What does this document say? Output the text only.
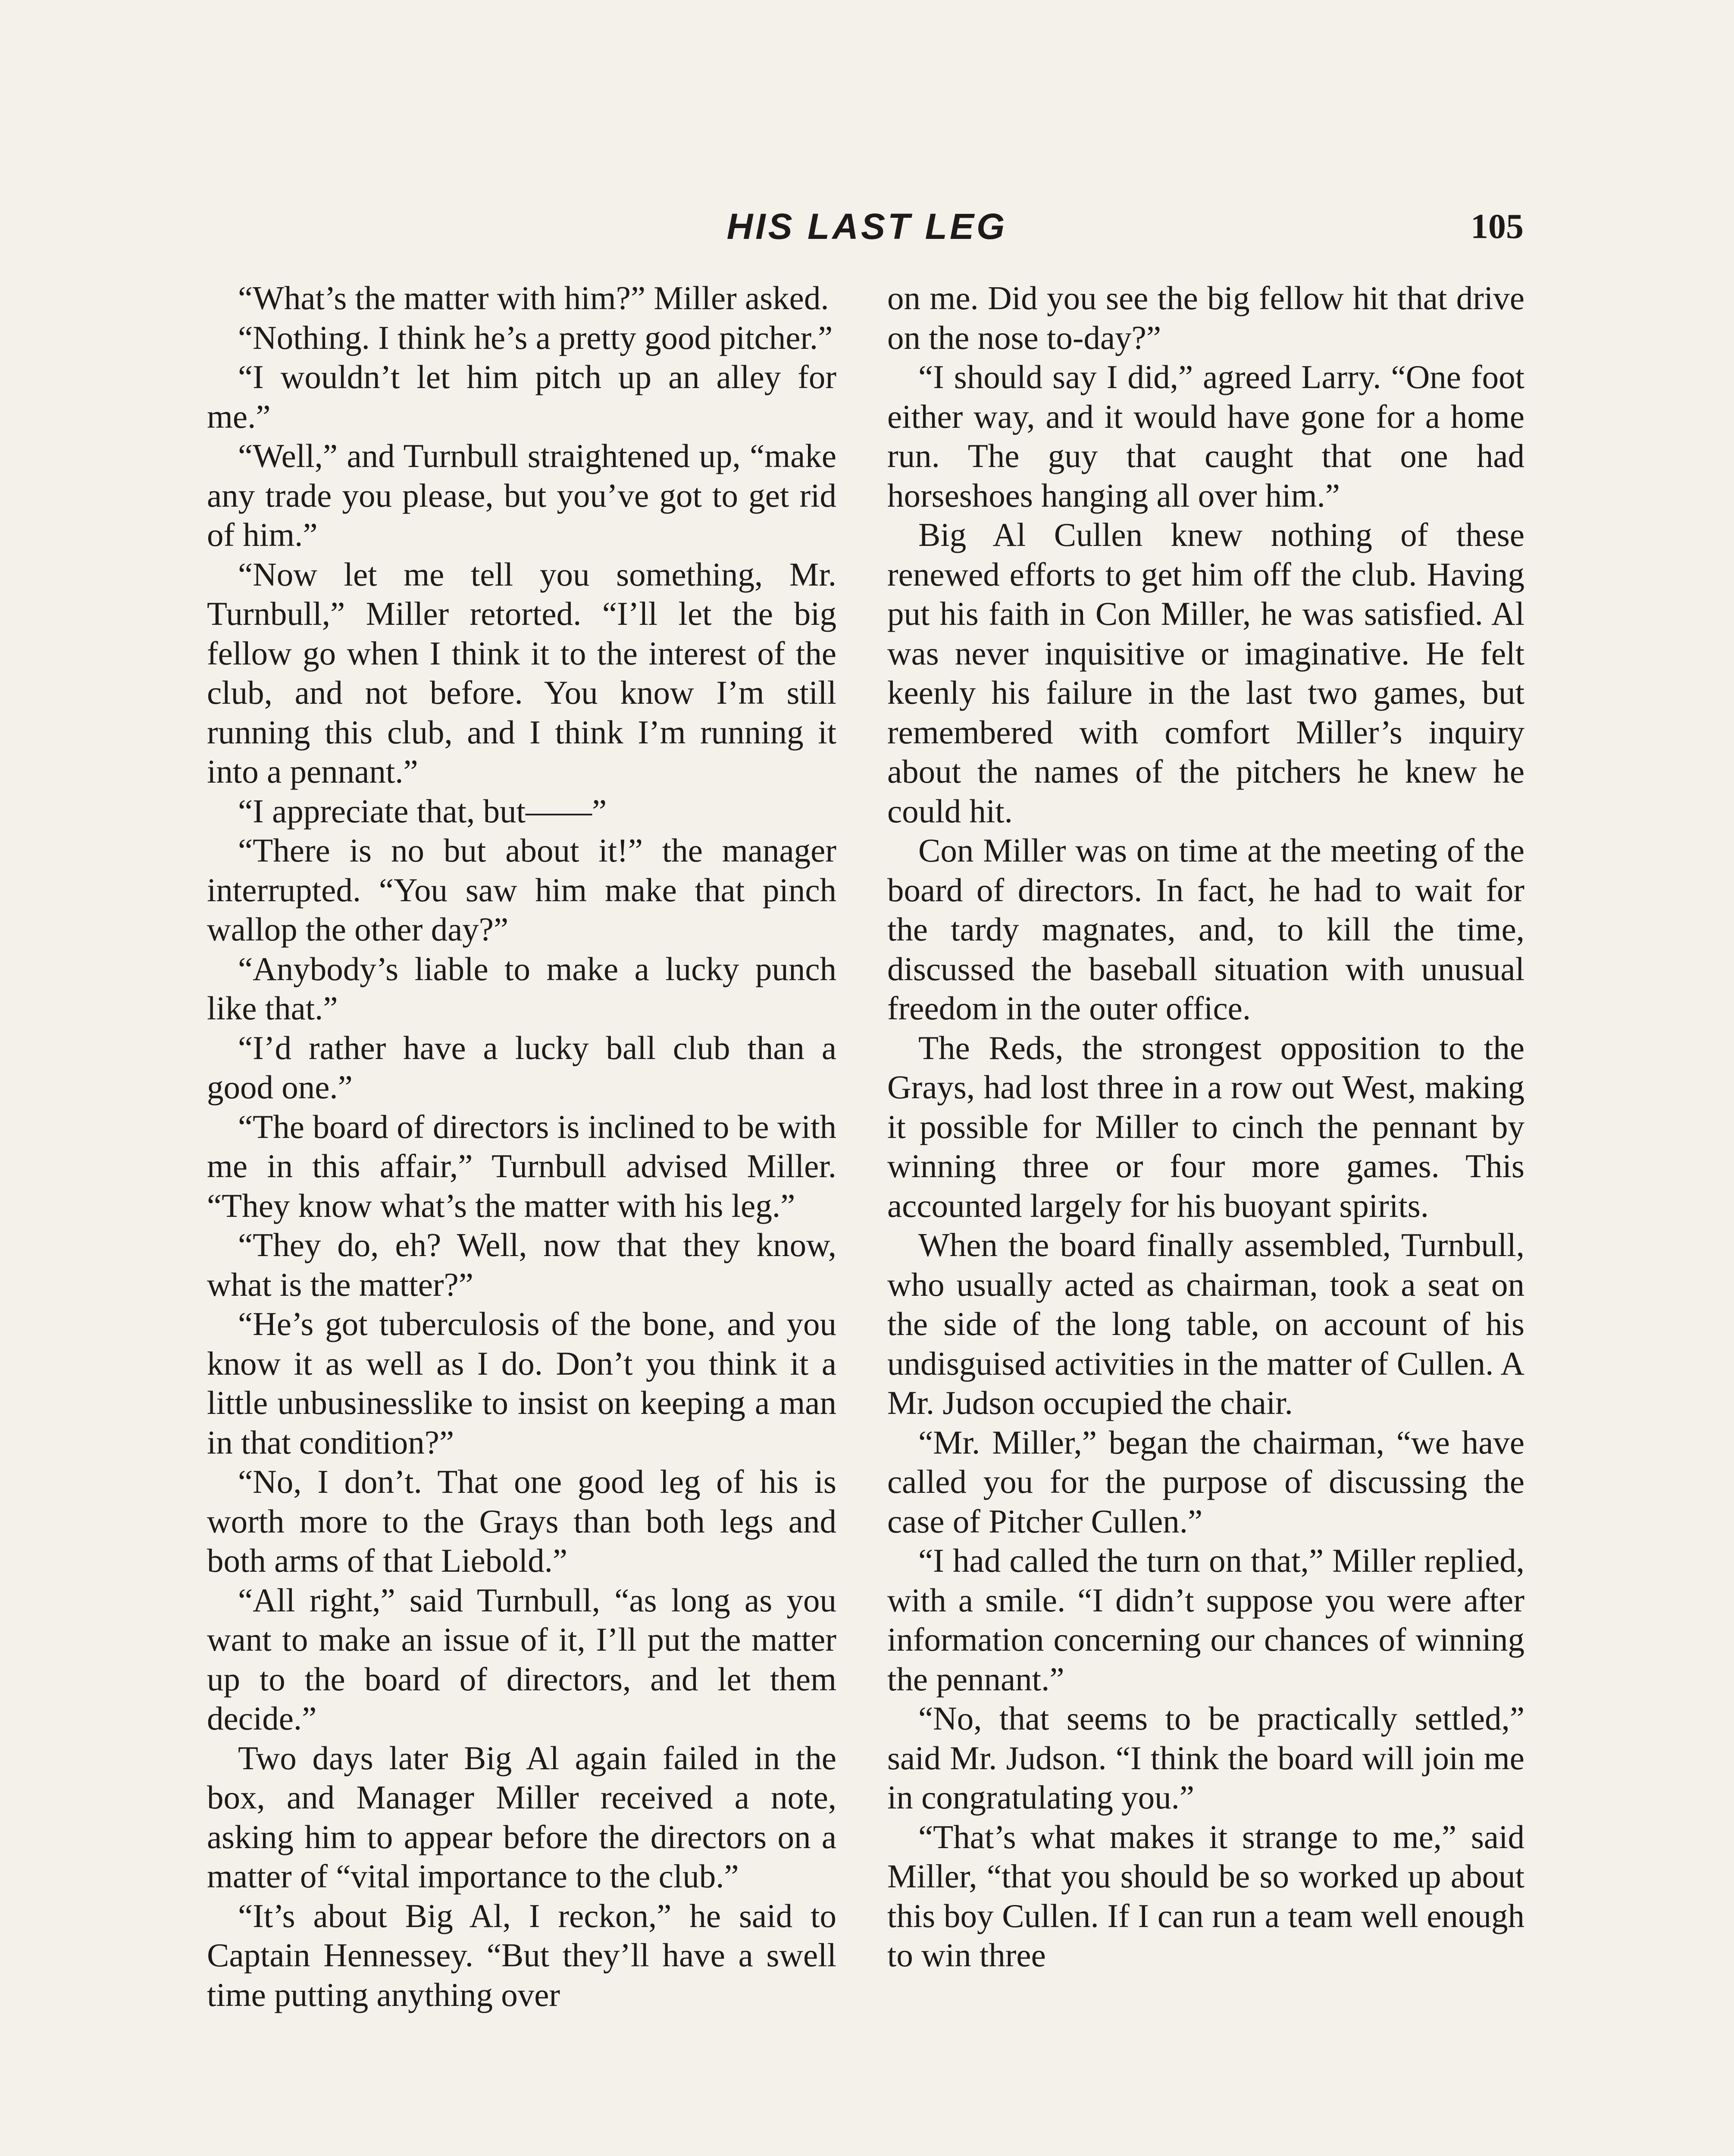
HIS LAST LEG	105

“What’s the matter with him?” Miller asked.

“Nothing. I think he’s a pretty good pitcher.”

“I wouldn’t let him pitch up an alley for me.”

“Well,” and Turnbull straightened up, “make any trade you please, but you’ve got to get rid of him.”

“Now let me tell you something, Mr. Turnbull,” Miller retorted. “I’ll let the big fellow go when I think it to the interest of the club, and not before. You know I’m still running this club, and I think I’m running it into a pennant.”

“I appreciate that, but——”

“There is no but about it!” the manager interrupted. “You saw him make that pinch wallop the other day?”

“Anybody’s liable to make a lucky punch like that.”

“I’d rather have a lucky ball club than a good one.”

“The board of directors is inclined to be with me in this affair,” Turnbull advised Miller. “They know what’s the matter with his leg.”

“They do, eh? Well, now that they know, what is the matter?”

“He’s got tuberculosis of the bone, and you know it as well as I do. Don’t you think it a little unbusinesslike to insist on keeping a man in that condition?”

“No, I don’t. That one good leg of his is worth more to the Grays than both legs and both arms of that Liebold.”

“All right,” said Turnbull, “as long as you want to make an issue of it, I’ll put the matter up to the board of directors, and let them decide.”

Two days later Big Al again failed in the box, and Manager Miller received a note, asking him to appear before the directors on a matter of “vital importance to the club.”

“It’s about Big Al, I reckon,” he said to Captain Hennessey. “But they’ll have a swell time putting anything over

on me. Did you see the big fellow hit that drive on the nose to-day?”

“I should say I did,” agreed Larry. “One foot either way, and it would have gone for a home run. The guy that caught that one had horseshoes hanging all over him.”

Big Al Cullen knew nothing of these renewed efforts to get him off the club. Having put his faith in Con Miller, he was satisfied. Al was never inquisitive or imaginative. He felt keenly his failure in the last two games, but remembered with comfort Miller’s inquiry about the names of the pitchers he knew he could hit.

Con Miller was on time at the meeting of the board of directors. In fact, he had to wait for the tardy magnates, and, to kill the time, discussed the baseball situation with unusual freedom in the outer office.

The Reds, the strongest opposition to the Grays, had lost three in a row out West, making it possible for Miller to cinch the pennant by winning three or four more games. This accounted largely for his buoyant spirits.

When the board finally assembled, Turnbull, who usually acted as chairman, took a seat on the side of the long table, on account of his undisguised activities in the matter of Cullen. A Mr. Judson occupied the chair.

“Mr. Miller,” began the chairman, “we have called you for the purpose of discussing the case of Pitcher Cullen.”

“I had called the turn on that,” Miller replied, with a smile. “I didn’t suppose you were after information concerning our chances of winning the pennant.”

“No, that seems to be practically settled,” said Mr. Judson. “I think the board will join me in congratulating you.”

“That’s what makes it strange to me,” said Miller, “that you should be so worked up about this boy Cullen. If I can run a team well enough to win three
